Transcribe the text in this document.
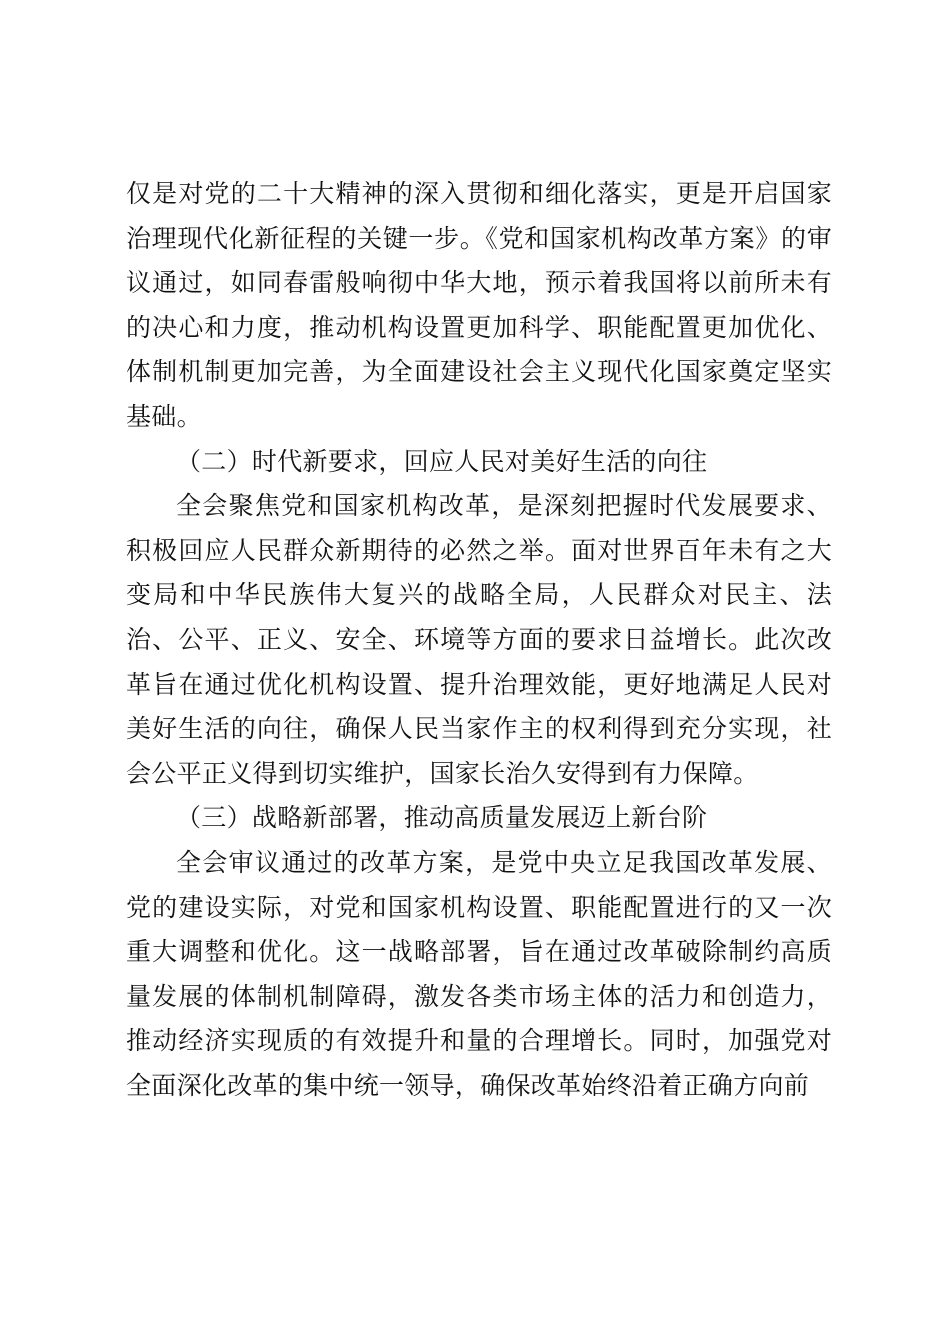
仅是对党的二十大精神的深入贯彻和细化落实，更是开启国家治理现代化新征程的关键一步。《党和国家机构改革方案》的审议通过，如同春雷般响彻中华大地，预示着我国将以前所未有的决心和力度，推动机构设置更加科学、职能配置更加优化、体制机制更加完善，为全面建设社会主义现代化国家奠定坚实基础。

（二）时代新要求，回应人民对美好生活的向往

全会聚焦党和国家机构改革，是深刻把握时代发展要求、积极回应人民群众新期待的必然之举。面对世界百年未有之大变局和中华民族伟大复兴的战略全局，人民群众对民主、法治、公平、正义、安全、环境等方面的要求日益增长。此次改革旨在通过优化机构设置、提升治理效能，更好地满足人民对美好生活的向往，确保人民当家作主的权利得到充分实现，社会公平正义得到切实维护，国家长治久安得到有力保障。

（三）战略新部署，推动高质量发展迈上新台阶

全会审议通过的改革方案，是党中央立足我国改革发展、党的建设实际，对党和国家机构设置、职能配置进行的又一次重大调整和优化。这一战略部署，旨在通过改革破除制约高质量发展的体制机制障碍，激发各类市场主体的活力和创造力，推动经济实现质的有效提升和量的合理增长。同时，加强党对全面深化改革的集中统一领导，确保改革始终沿着正确方向前
